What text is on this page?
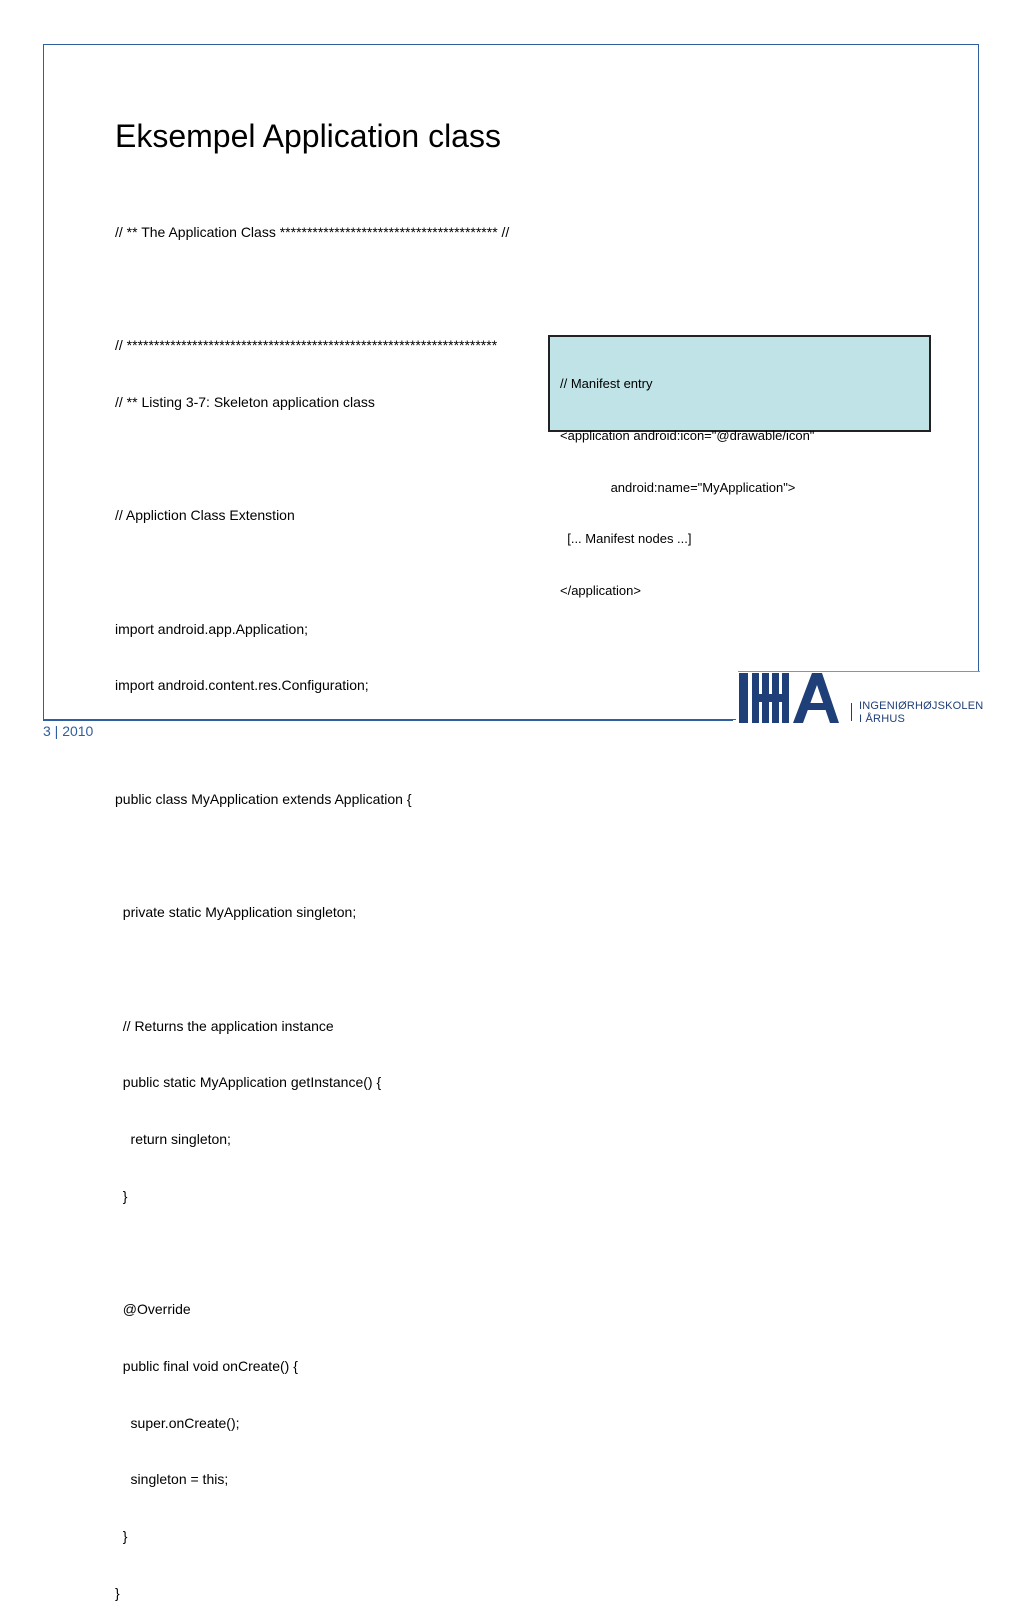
Eksempel Application class

// ** The Application Class **************************************** //

// ********************************************************************

// ** Listing 3-7: Skeleton application class

// Appliction Class Extenstion

import android.app.Application;

import android.content.res.Configuration;

public class MyApplication extends Application {

private static MyApplication singleton;

// Returns the application instance

public static MyApplication getInstance() {

return singleton;

}

@Override

public final void onCreate() {

super.onCreate();

singleton = this;

}

}

// Manifest entry

<application android:icon="@drawable/icon"

android:name="MyApplication">

[... Manifest nodes ...]

</application>

INGENIØRHØJSKOLEN
I ÅRHUS
3 | 2010
